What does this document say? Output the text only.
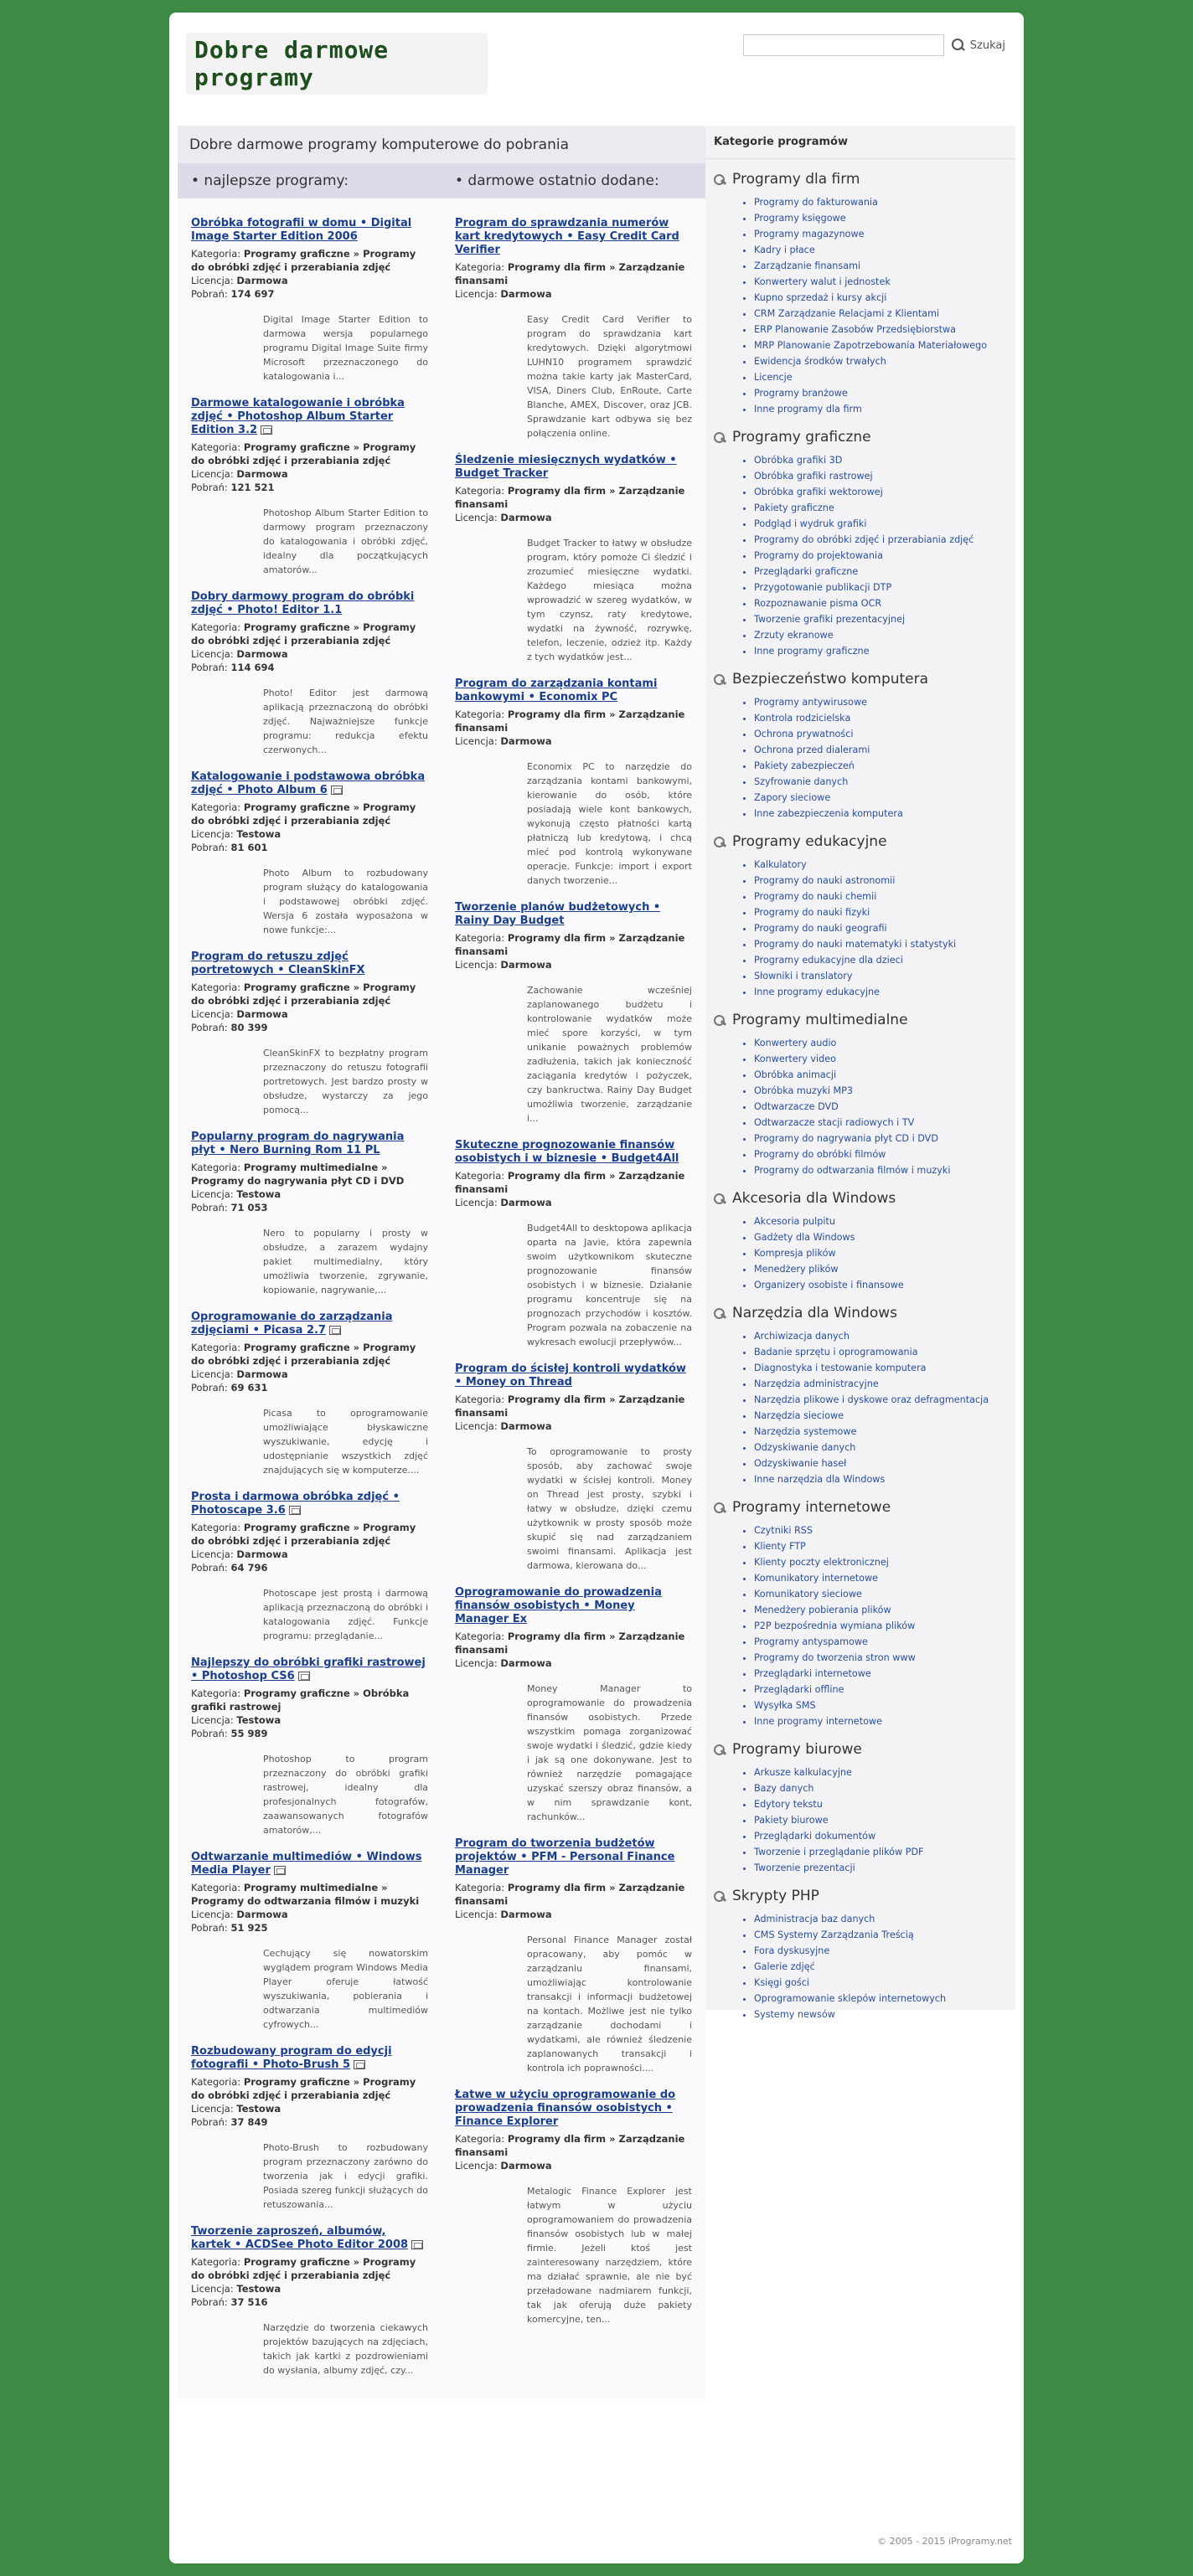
Dobre darmowe programy
Szukaj
Dobre darmowe programy komputerowe do pobrania
• najlepsze programy:	• darmowe ostatnio dodane:
Obróbka fotografii w domu • Digital Image Starter Edition 2006
Kategoria: Programy graficzne » Programy do obróbki zdjęć i przerabiania zdjęć
Licencja: Darmowa
Pobrań: 174 697
Digital Image Starter Edition to darmowa wersja popularnego programu Digital Image Suite firmy Microsoft przeznaczonego do katalogowania i...
Darmowe katalogowanie i obróbka zdjęć • Photoshop Album Starter Edition 3.2
Kategoria: Programy graficzne » Programy do obróbki zdjęć i przerabiania zdjęć
Licencja: Darmowa
Pobrań: 121 521
Photoshop Album Starter Edition to darmowy program przeznaczony do katalogowania i obróbki zdjęć, idealny dla początkujących amatorów...
Dobry darmowy program do obróbki zdjęć • Photo! Editor 1.1
Kategoria: Programy graficzne » Programy do obróbki zdjęć i przerabiania zdjęć
Licencja: Darmowa
Pobrań: 114 694
Photo! Editor jest darmową aplikacją przeznaczoną do obróbki zdjęć. Najważniejsze funkcje programu: redukcja efektu czerwonych...
Katalogowanie i podstawowa obróbka zdjęć • Photo Album 6
Kategoria: Programy graficzne » Programy do obróbki zdjęć i przerabiania zdjęć
Licencja: Testowa
Pobrań: 81 601
Photo Album to rozbudowany program służący do katalogowania i podstawowej obróbki zdjęć. Wersja 6 została wyposażona w nowe funkcje:...
Program do retuszu zdjęć portretowych • CleanSkinFX
Kategoria: Programy graficzne » Programy do obróbki zdjęć i przerabiania zdjęć
Licencja: Darmowa
Pobrań: 80 399
CleanSkinFX to bezpłatny program przeznaczony do retuszu fotografii portretowych. Jest bardzo prosty w obsłudze, wystarczy za jego pomocą...
Popularny program do nagrywania płyt • Nero Burning Rom 11 PL
Kategoria: Programy multimedialne » Programy do nagrywania płyt CD i DVD
Licencja: Testowa
Pobrań: 71 053
Nero to popularny i prosty w obsłudze, a zarazem wydajny pakiet multimedialny, który umożliwia tworzenie, zgrywanie, kopiowanie, nagrywanie,...
Oprogramowanie do zarządzania zdjęciami • Picasa 2.7
Kategoria: Programy graficzne » Programy do obróbki zdjęć i przerabiania zdjęć
Licencja: Darmowa
Pobrań: 69 631
Picasa to oprogramowanie umożliwiające błyskawiczne wyszukiwanie, edycję i udostępnianie wszystkich zdjęć znajdujących się w komputerze....
Prosta i darmowa obróbka zdjęć • Photoscape 3.6
Kategoria: Programy graficzne » Programy do obróbki zdjęć i przerabiania zdjęć
Licencja: Darmowa
Pobrań: 64 796
Photoscape jest prostą i darmową aplikacją przeznaczoną do obróbki i katalogowania zdjęć. Funkcje programu: przeglądanie...
Najlepszy do obróbki grafiki rastrowej • Photoshop CS6
Kategoria: Programy graficzne » Obróbka grafiki rastrowej
Licencja: Testowa
Pobrań: 55 989
Photoshop to program przeznaczony do obróbki grafiki rastrowej, idealny dla profesjonalnych fotografów, zaawansowanych fotografów amatorów,...
Odtwarzanie multimediów • Windows Media Player
Kategoria: Programy multimedialne » Programy do odtwarzania filmów i muzyki
Licencja: Darmowa
Pobrań: 51 925
Cechujący się nowatorskim wyglądem program Windows Media Player oferuje łatwość wyszukiwania, pobierania i odtwarzania multimediów cyfrowych...
Rozbudowany program do edycji fotografii • Photo-Brush 5
Kategoria: Programy graficzne » Programy do obróbki zdjęć i przerabiania zdjęć
Licencja: Testowa
Pobrań: 37 849
Photo-Brush to rozbudowany program przeznaczony zarówno do tworzenia jak i edycji grafiki. Posiada szereg funkcji służących do retuszowania...
Tworzenie zaproszeń, albumów, kartek • ACDSee Photo Editor 2008
Kategoria: Programy graficzne » Programy do obróbki zdjęć i przerabiania zdjęć
Licencja: Testowa
Pobrań: 37 516
Narzędzie do tworzenia ciekawych projektów bazujących na zdjęciach, takich jak kartki z pozdrowieniami do wysłania, albumy zdjęć, czy...
Program do sprawdzania numerów kart kredytowych • Easy Credit Card Verifier
Kategoria: Programy dla firm » Zarządzanie finansami
Licencja: Darmowa
Easy Credit Card Verifier to program do sprawdzania kart kredytowych. Dzięki algorytmowi LUHN10 programem sprawdzić można takie karty jak MasterCard, VISA, Diners Club, EnRoute, Carte Blanche, AMEX, Discover, oraz JCB. Sprawdzanie kart odbywa się bez połączenia online.
Śledzenie miesięcznych wydatków • Budget Tracker
Kategoria: Programy dla firm » Zarządzanie finansami
Licencja: Darmowa
Budget Tracker to łatwy w obsłudze program, który pomoże Ci śledzić i zrozumieć miesięczne wydatki. Każdego miesiąca można wprowadzić w szereg wydatków, w tym czynsz, raty kredytowe, wydatki na żywność, rozrywkę, telefon, leczenie, odzież itp. Każdy z tych wydatków jest...
Program do zarządzania kontami bankowymi • Economix PC
Kategoria: Programy dla firm » Zarządzanie finansami
Licencja: Darmowa
Economix PC to narzędzie do zarządzania kontami bankowymi, kierowanie do osób, które posiadają wiele kont bankowych, wykonują często płatności kartą płatniczą lub kredytową, i chcą mieć pod kontrolą wykonywane operacje. Funkcje: import i export danych tworzenie...
Tworzenie planów budżetowych • Rainy Day Budget
Kategoria: Programy dla firm » Zarządzanie finansami
Licencja: Darmowa
Zachowanie wcześniej zaplanowanego budżetu i kontrolowanie wydatków może mieć spore korzyści, w tym unikanie poważnych problemów zadłużenia, takich jak konieczność zaciągania kredytów i pożyczek, czy bankructwa. Rainy Day Budget umożliwia tworzenie, zarządzanie i...
Skuteczne prognozowanie finansów osobistych i w biznesie • Budget4All
Kategoria: Programy dla firm » Zarządzanie finansami
Licencja: Darmowa
Budget4All to desktopowa aplikacja oparta na Javie, która zapewnia swoim użytkownikom skuteczne prognozowanie finansów osobistych i w biznesie. Działanie programu koncentruje się na prognozach przychodów i kosztów. Program pozwala na zobaczenie na wykresach ewolucji przepływów...
Program do ścisłej kontroli wydatków • Money on Thread
Kategoria: Programy dla firm » Zarządzanie finansami
Licencja: Darmowa
To oprogramowanie to prosty sposób, aby zachować swoje wydatki w ścisłej kontroli. Money on Thread jest prosty, szybki i łatwy w obsłudze, dzięki czemu użytkownik w prosty sposób może skupić się nad zarządzaniem swoimi finansami. Aplikacja jest darmowa, kierowana do...
Oprogramowanie do prowadzenia finansów osobistych • Money Manager Ex
Kategoria: Programy dla firm » Zarządzanie finansami
Licencja: Darmowa
Money Manager to oprogramowanie do prowadzenia finansów osobistych. Przede wszystkim pomaga zorganizować swoje wydatki i śledzić, gdzie kiedy i jak są one dokonywane. Jest to również narzędzie pomagające uzyskać szerszy obraz finansów, a w nim sprawdzanie kont, rachunków...
Program do tworzenia budżetów projektów • PFM - Personal Finance Manager
Kategoria: Programy dla firm » Zarządzanie finansami
Licencja: Darmowa
Personal Finance Manager został opracowany, aby pomóc w zarządzaniu finansami, umożliwiając kontrolowanie transakcji i informacji budżetowej na kontach. Możliwe jest nie tylko zarządzanie dochodami i wydatkami, ale również śledzenie zaplanowanych transakcji i kontrola ich poprawności....
Łatwe w użyciu oprogramowanie do prowadzenia finansów osobistych • Finance Explorer
Kategoria: Programy dla firm » Zarządzanie finansami
Licencja: Darmowa
Metalogic Finance Explorer jest łatwym w użyciu oprogramowaniem do prowadzenia finansów osobistych lub w małej firmie. Jeżeli ktoś jest zainteresowany narzędziem, które ma działać sprawnie, ale nie być przeładowane nadmiarem funkcji, tak jak oferują duże pakiety komercyjne, ten...
Kategorie programów
Programy dla firm
• Programy do fakturowania
• Programy księgowe
• Programy magazynowe
• Kadry i płace
• Zarządzanie finansami
• Konwertery walut i jednostek
• Kupno sprzedaż i kursy akcji
• CRM Zarządzanie Relacjami z Klientami
• ERP Planowanie Zasobów Przedsiębiorstwa
• MRP Planowanie Zapotrzebowania Materiałowego
• Ewidencja środków trwałych
• Licencje
• Programy branżowe
• Inne programy dla firm
Programy graficzne
• Obróbka grafiki 3D
• Obróbka grafiki rastrowej
• Obróbka grafiki wektorowej
• Pakiety graficzne
• Podgląd i wydruk grafiki
• Programy do obróbki zdjęć i przerabiania zdjęć
• Programy do projektowania
• Przeglądarki graficzne
• Przygotowanie publikacji DTP
• Rozpoznawanie pisma OCR
• Tworzenie grafiki prezentacyjnej
• Zrzuty ekranowe
• Inne programy graficzne
Bezpieczeństwo komputera
• Programy antywirusowe
• Kontrola rodzicielska
• Ochrona prywatności
• Ochrona przed dialerami
• Pakiety zabezpieczeń
• Szyfrowanie danych
• Zapory sieciowe
• Inne zabezpieczenia komputera
Programy edukacyjne
• Kalkulatory
• Programy do nauki astronomii
• Programy do nauki chemii
• Programy do nauki fizyki
• Programy do nauki geografii
• Programy do nauki matematyki i statystyki
• Programy edukacyjne dla dzieci
• Słowniki i translatory
• Inne programy edukacyjne
Programy multimedialne
• Konwertery audio
• Konwertery video
• Obróbka animacji
• Obróbka muzyki MP3
• Odtwarzacze DVD
• Odtwarzacze stacji radiowych i TV
• Programy do nagrywania płyt CD i DVD
• Programy do obróbki filmów
• Programy do odtwarzania filmów i muzyki
Akcesoria dla Windows
• Akcesoria pulpitu
• Gadżety dla Windows
• Kompresja plików
• Menedżery plików
• Organizery osobiste i finansowe
Narzędzia dla Windows
• Archiwizacja danych
• Badanie sprzętu i oprogramowania
• Diagnostyka i testowanie komputera
• Narzędzia administracyjne
• Narzędzia plikowe i dyskowe oraz defragmentacja
• Narzędzia sieciowe
• Narzędzia systemowe
• Odzyskiwanie danych
• Odzyskiwanie haseł
• Inne narzędzia dla Windows
Programy internetowe
• Czytniki RSS
• Klienty FTP
• Klienty poczty elektronicznej
• Komunikatory internetowe
• Komunikatory sieciowe
• Menedżery pobierania plików
• P2P bezpośrednia wymiana plików
• Programy antyspamowe
• Programy do tworzenia stron www
• Przeglądarki internetowe
• Przeglądarki offline
• Wysyłka SMS
• Inne programy internetowe
Programy biurowe
• Arkusze kalkulacyjne
• Bazy danych
• Edytory tekstu
• Pakiety biurowe
• Przeglądarki dokumentów
• Tworzenie i przeglądanie plików PDF
• Tworzenie prezentacji
Skrypty PHP
• Administracja baz danych
• CMS Systemy Zarządzania Treścią
• Fora dyskusyjne
• Galerie zdjęć
• Księgi gości
• Oprogramowanie sklepów internetowych
• Systemy newsów
© 2005 - 2015 iProgramy.net
